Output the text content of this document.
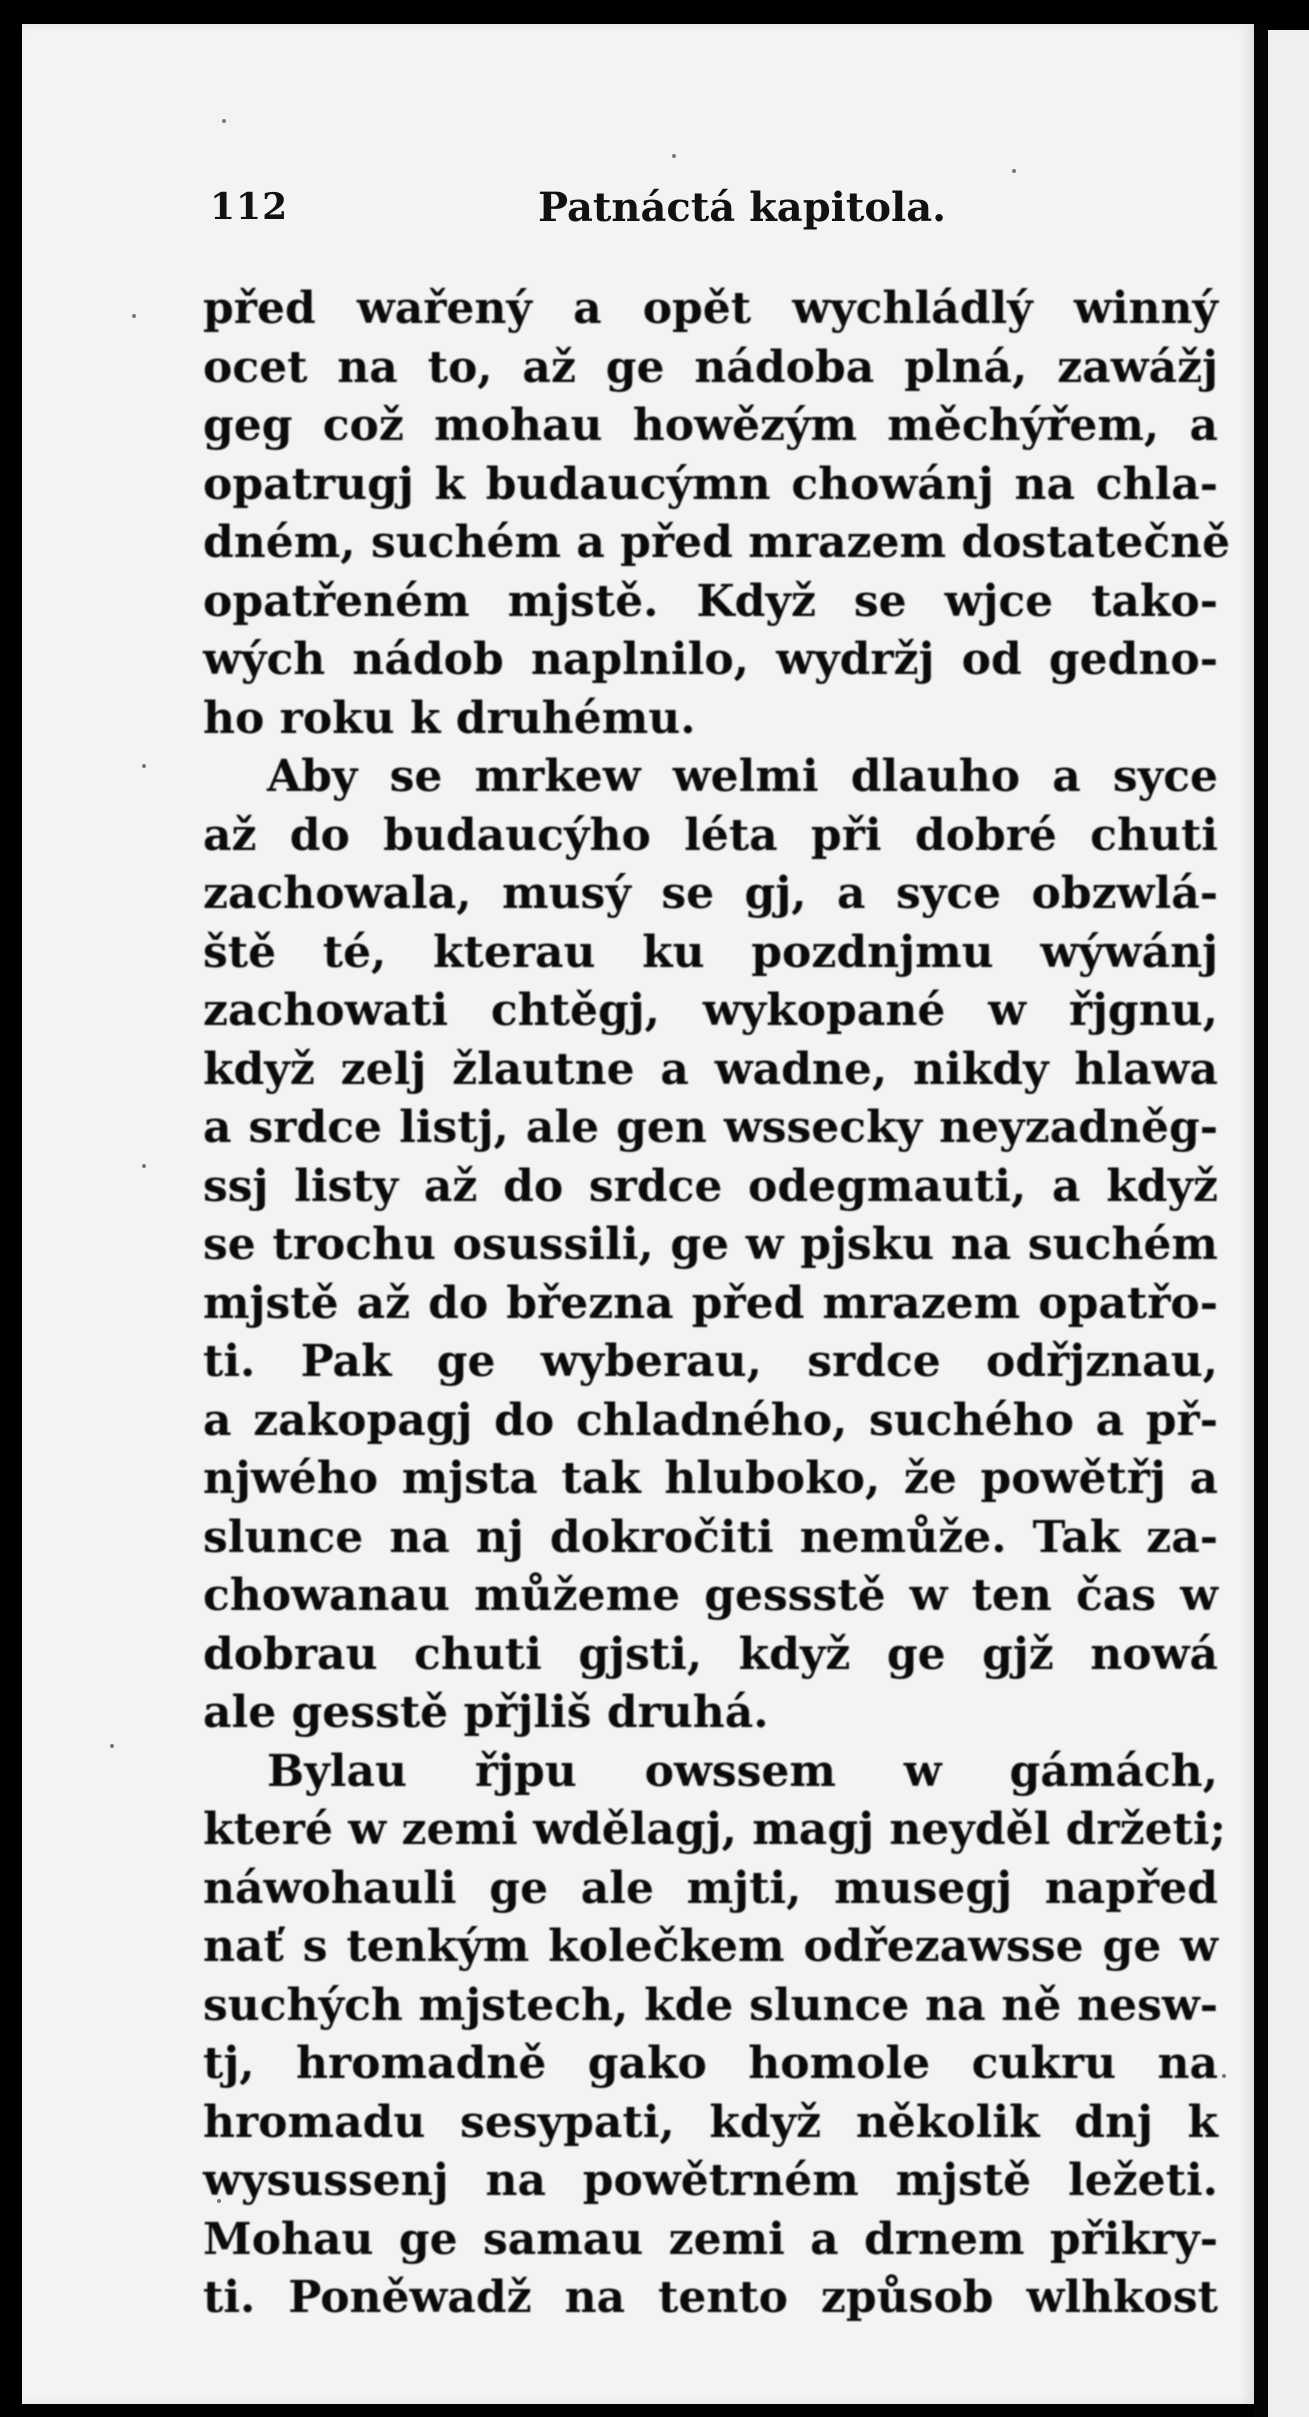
112	Patnáctá kapitola.
před wařený a opět wychládlý winný
ocet na to, až ge nádoba plná, zawážj
geg což mohau howězým měchýřem, a
opatrugj k budaucýmn chowánj na chla-
dném, suchém a před mrazem dostatečně
opatřeném mjstě. Když se wjce tako-
wých nádob naplnilo, wydržj od gedno-
ho roku k druhému.
Aby se mrkew welmi dlauho a syce
až do budaucýho léta při dobré chuti
zachowala, musý se gj, a syce obzwlá-
ště té, kterau ku pozdnjmu wýwánj
zachowati chtěgj, wykopané w řjgnu,
když zelj žlautne a wadne, nikdy hlawa
a srdce listj, ale gen wssecky neyzadněg-
ssj listy až do srdce odegmauti, a když
se trochu osussili, ge w pjsku na suchém
mjstě až do března před mrazem opatřo-
ti. Pak ge wyberau, srdce odřjznau,
a zakopagj do chladného, suchého a př-
njwého mjsta tak hluboko, že powětřj a
slunce na nj dokročiti nemůže. Tak za-
chowanau můžeme gessstě w ten čas w
dobrau chuti gjsti, když ge gjž nowá
ale gesstě přjliš druhá.
Bylau řjpu owssem w gámách,
které w zemi wdělagj, magj neyděl držeti;
náwohauli ge ale mjti, musegj napřed
nať s tenkým kolečkem odřezawsse ge w
suchých mjstech, kde slunce na ně nesw-
tj, hromadně gako homole cukru na
hromadu sesypati, když několik dnj k
wysussenj na powětrném mjstě ležeti.
Mohau ge samau zemi a drnem přikry-
ti. Poněwadž na tento způsob wlhkost
